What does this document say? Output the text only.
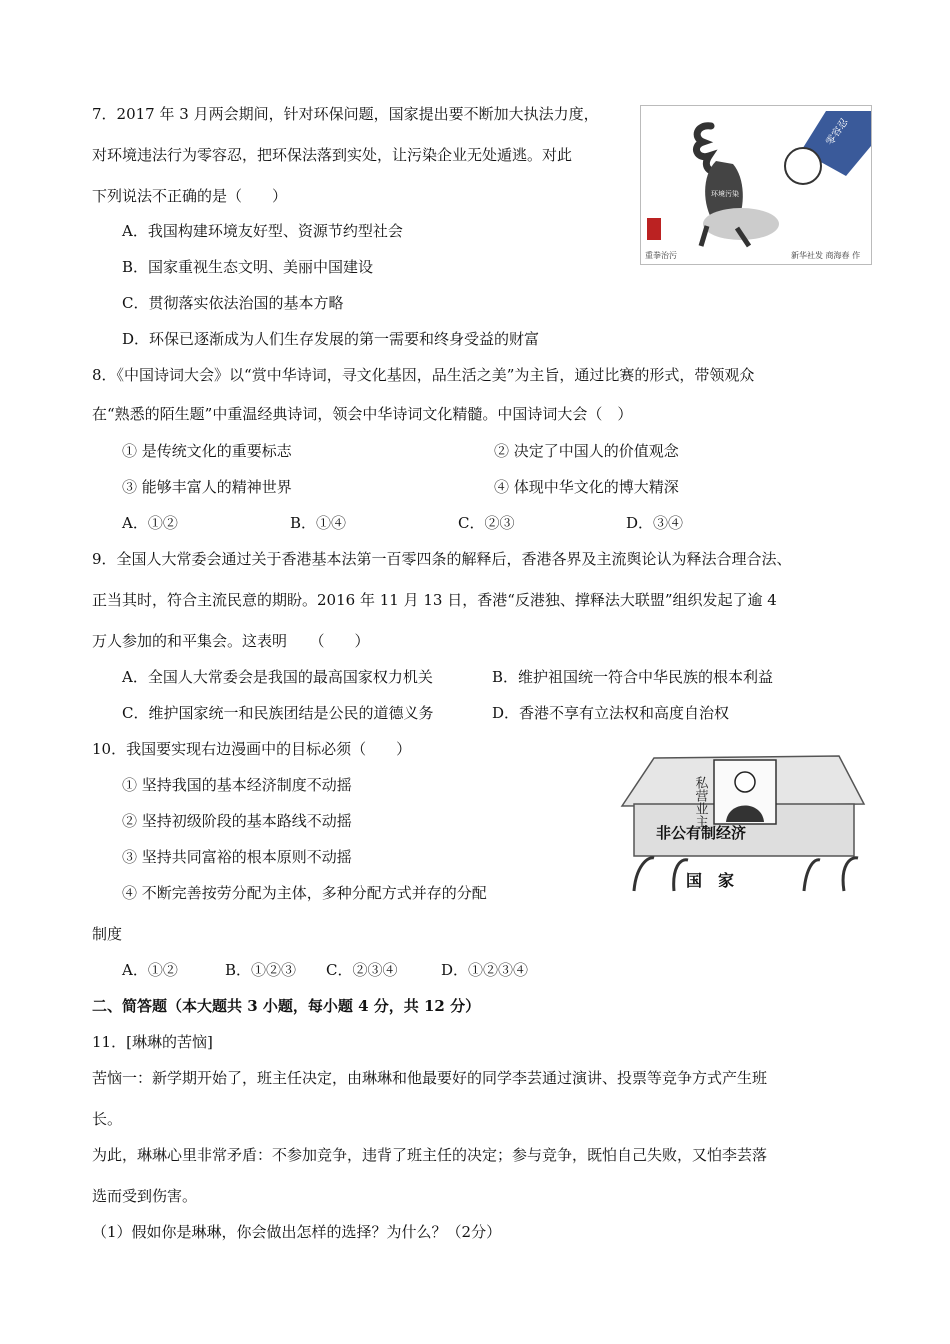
7．2017 年 3 月两会期间，针对环保问题，国家提出要不断加大执法力度，
对环境违法行为零容忍，把环保法落到实处，让污染企业无处遁逃。对此
下列说法不正确的是（　　）
A．我国构建环境友好型、资源节约型社会
B．国家重视生态文明、美丽中国建设
C．贯彻落实依法治国的基本方略
D．环保已逐渐成为人们生存发展的第一需要和终身受益的财富
环境污染
零容忍
重拳治污	新华社发 商海春 作
8．《中国诗词大会》以“赏中华诗词，寻文化基因，品生活之美”为主旨，通过比赛的形式，带领观众
在“熟悉的陌生题”中重温经典诗词，领会中华诗词文化精髓。中国诗词大会（　）
① 是传统文化的重要标志	② 决定了中国人的价值观念
③ 能够丰富人的精神世界	④ 体现中华文化的博大精深
A．①②	B．①④	C．②③	D．③④
9．全国人大常委会通过关于香港基本法第一百零四条的解释后，香港各界及主流舆论认为释法合理合法、
正当其时，符合主流民意的期盼。2016 年 11 月 13 日，香港“反港独、撑释法大联盟”组织发起了逾 4
万人参加的和平集会。这表明　　（　　）
A．全国人大常委会是我国的最高国家权力机关	B．维护祖国统一符合中华民族的根本利益
C．维护国家统一和民族团结是公民的道德义务	D．香港不享有立法权和高度自治权
10．我国要实现右边漫画中的目标必须（　　）
① 坚持我国的基本经济制度不动摇
② 坚持初级阶段的基本路线不动摇
③ 坚持共同富裕的根本原则不动摇
④ 不断完善按劳分配为主体，多种分配方式并存的分配
制度
A．①②	B．①②③ C．②③④	D．①②③④
私营业主
非公有制经济
国　家
二、简答题（本大题共 3 小题，每小题 4 分，共 12 分）
11．[琳琳的苦恼]
苦恼一：新学期开始了，班主任决定，由琳琳和他最要好的同学李芸通过演讲、投票等竞争方式产生班
长。
为此，琳琳心里非常矛盾：不参加竞争，违背了班主任的决定；参与竞争，既怕自己失败，又怕李芸落
选而受到伤害。
（1）假如你是琳琳，你会做出怎样的选择？为什么？（2分）
